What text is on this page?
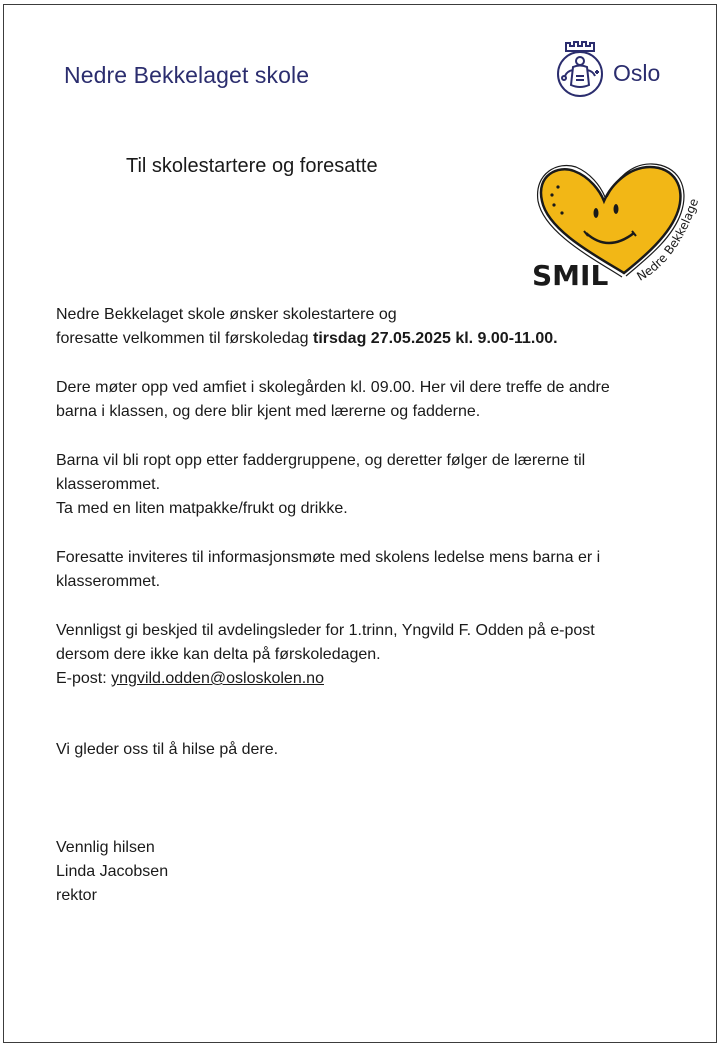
Nedre Bekkelaget skole	Oslo
Til skolestartere og foresatte
SMIL	Nedre Bekkelage

Nedre Bekkelaget skole ønsker skolestartere og

foresatte velkommen til førskoledag tirsdag 27.05.2025 kl. 9.00-11.00.

Dere møter opp ved amfiet i skolegården kl. 09.00. Her vil dere treffe de andre

barna i klassen, og dere blir kjent med lærerne og fadderne.

Barna vil bli ropt opp etter faddergruppene, og deretter følger de lærerne til

klasserommet.

Ta med en liten matpakke/frukt og drikke.

Foresatte inviteres til informasjonsmøte med skolens ledelse mens barna er i

klasserommet.

Vennligst gi beskjed til avdelingsleder for 1.trinn, Yngvild F. Odden på e-post

dersom dere ikke kan delta på førskoledagen.

E-post: yngvild.odden@osloskolen.no

Vi gleder oss til å hilse på dere.

Vennlig hilsen

Linda Jacobsen

rektor
